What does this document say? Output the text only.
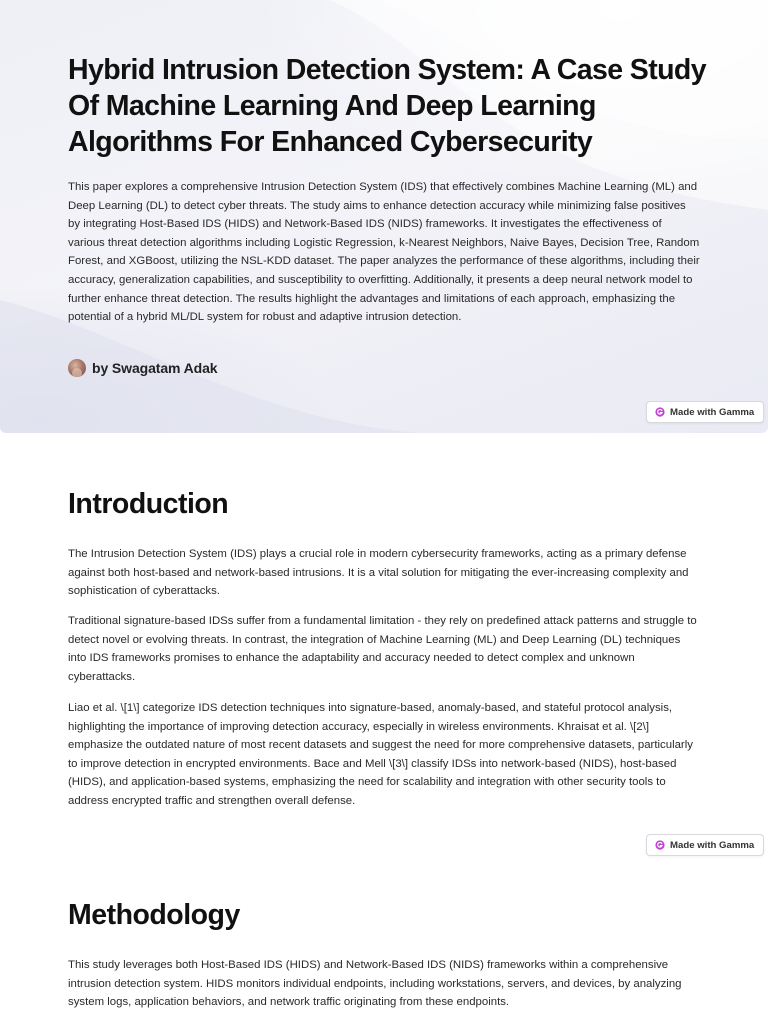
Hybrid Intrusion Detection System: A Case Study Of Machine Learning And Deep Learning Algorithms For Enhanced Cybersecurity

This paper explores a comprehensive Intrusion Detection System (IDS) that effectively combines Machine Learning (ML) and Deep Learning (DL) to detect cyber threats. The study aims to enhance detection accuracy while minimizing false positives by integrating Host-Based IDS (HIDS) and Network-Based IDS (NIDS) frameworks. It investigates the effectiveness of various threat detection algorithms including Logistic Regression, k-Nearest Neighbors, Naive Bayes, Decision Tree, Random Forest, and XGBoost, utilizing the NSL-KDD dataset. The paper analyzes the performance of these algorithms, including their accuracy, generalization capabilities, and susceptibility to overfitting. Additionally, it presents a deep neural network model to further enhance threat detection. The results highlight the advantages and limitations of each approach, emphasizing the potential of a hybrid ML/DL system for robust and adaptive intrusion detection.

by Swagatam Adak
Made with Gamma
Introduction

The Intrusion Detection System (IDS) plays a crucial role in modern cybersecurity frameworks, acting as a primary defense against both host-based and network-based intrusions. It is a vital solution for mitigating the ever-increasing complexity and sophistication of cyberattacks.

Traditional signature-based IDSs suffer from a fundamental limitation - they rely on predefined attack patterns and struggle to detect novel or evolving threats. In contrast, the integration of Machine Learning (ML) and Deep Learning (DL) techniques into IDS frameworks promises to enhance the adaptability and accuracy needed to detect complex and unknown cyberattacks.

Liao et al. \[1\] categorize IDS detection techniques into signature-based, anomaly-based, and stateful protocol analysis, highlighting the importance of improving detection accuracy, especially in wireless environments. Khraisat et al. \[2\] emphasize the outdated nature of most recent datasets and suggest the need for more comprehensive datasets, particularly to improve detection in encrypted environments. Bace and Mell \[3\] classify IDSs into network-based (NIDS), host-based (HIDS), and application-based systems, emphasizing the need for scalability and integration with other security tools to address encrypted traffic and strengthen overall defense.

Made with Gamma
Methodology

This study leverages both Host-Based IDS (HIDS) and Network-Based IDS (NIDS) frameworks within a comprehensive intrusion detection system. HIDS monitors individual endpoints, including workstations, servers, and devices, by analyzing system logs, application behaviors, and network traffic originating from these endpoints.
